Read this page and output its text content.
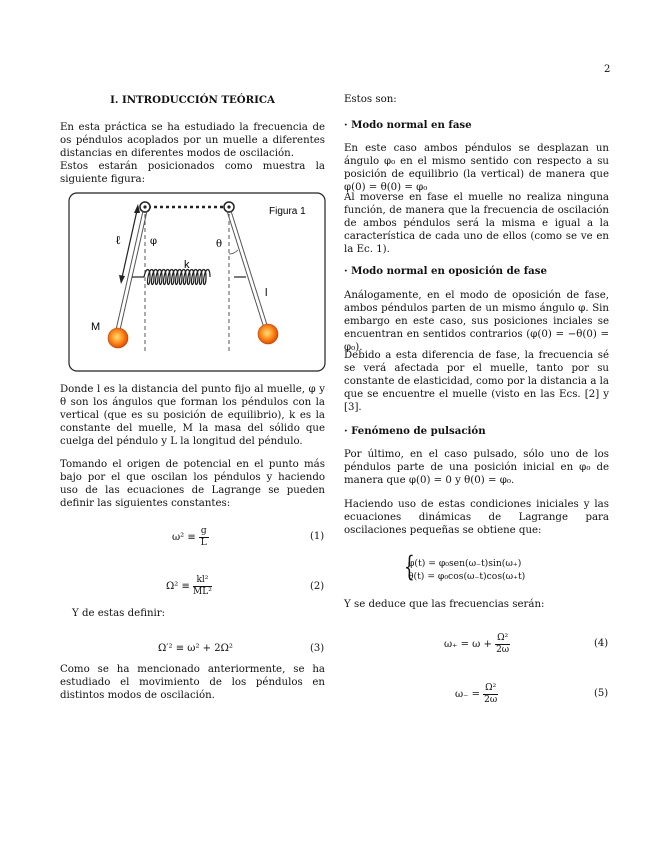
2
I. INTRODUCCIÓN TEÓRICA

En esta práctica se ha estudiado la frecuencia de os péndulos acoplados por un muelle a diferentes distancias en diferentes modos de oscilación.

Estos estarán posicionados como muestra la siguiente figura:

Figura 1
ℓ	φ	θ
k
l
M

Donde l es la distancia del punto fijo al muelle, φ y θ son los ángulos que forman los péndulos con la vertical (que es su posición de equilibrio), k es la constante del muelle, M la masa del sólido que cuelga del péndulo y L la longitud del péndulo.

Tomando el origen de potencial en el punto más bajo por el que oscilan los péndulos y haciendo uso de las ecuaciones de Lagrange se pueden definir las siguientes constantes:

$\omega^2 \equiv \frac{g}{L}$	(1)
$\Omega^2 \equiv \frac{\text{kl²}}{\text{ML²}}$	(2)

Y de estas definir:

Ω′² ≡ ω² + 2Ω²	(3)

Como se ha mencionado anteriormente, se ha estudiado el movimiento de los péndulos en distintos modos de oscilación.

Estos son:

· Modo normal en fase

En este caso ambos péndulos se desplazan un ángulo φ₀ en el mismo sentido con respecto a su posición de equilibrio (la vertical) de manera que φ(0) = θ(0) = φ₀

Al moverse en fase el muelle no realiza ninguna función, de manera que la frecuencia de oscilación de ambos péndulos será la misma e igual a la característica de cada uno de ellos (como se ve en la Ec. 1).

· Modo normal en oposición de fase

Análogamente, en el modo de oposición de fase, ambos péndulos parten de un mismo ángulo φ. Sin embargo en este caso, sus posiciones inciales se encuentran en sentidos contrarios (φ(0) = −θ(0) = φ₀).

Debido a esta diferencia de fase, la frecuencia sé se verá afectada por el muelle, tanto por su constante de elasticidad, como por la distancia a la que se encuentre el muelle (visto en las Ecs. [2] y [3].

· Fenómeno de pulsación

Por último, en el caso pulsado, sólo uno de los péndulos parte de una posición inicial en φ₀ de manera que φ(0) = 0 y θ(0) = φ₀.

Haciendo uso de estas condiciones iniciales y las ecuaciones dinámicas de Lagrange para oscilaciones pequeñas se obtiene que:

{
φ(t) = φ₀sen(ω₋t)sin(ω₊)
θ(t) = φ₀cos(ω₋t)cos(ω₊t)

Y se deduce que las frecuencias serán:

$\omega_+ = \omega + \frac{\text{Ω²}}{2\omega}$	(4)
$\omega_- = \frac{\text{Ω²}}{2\omega}$	(5)
